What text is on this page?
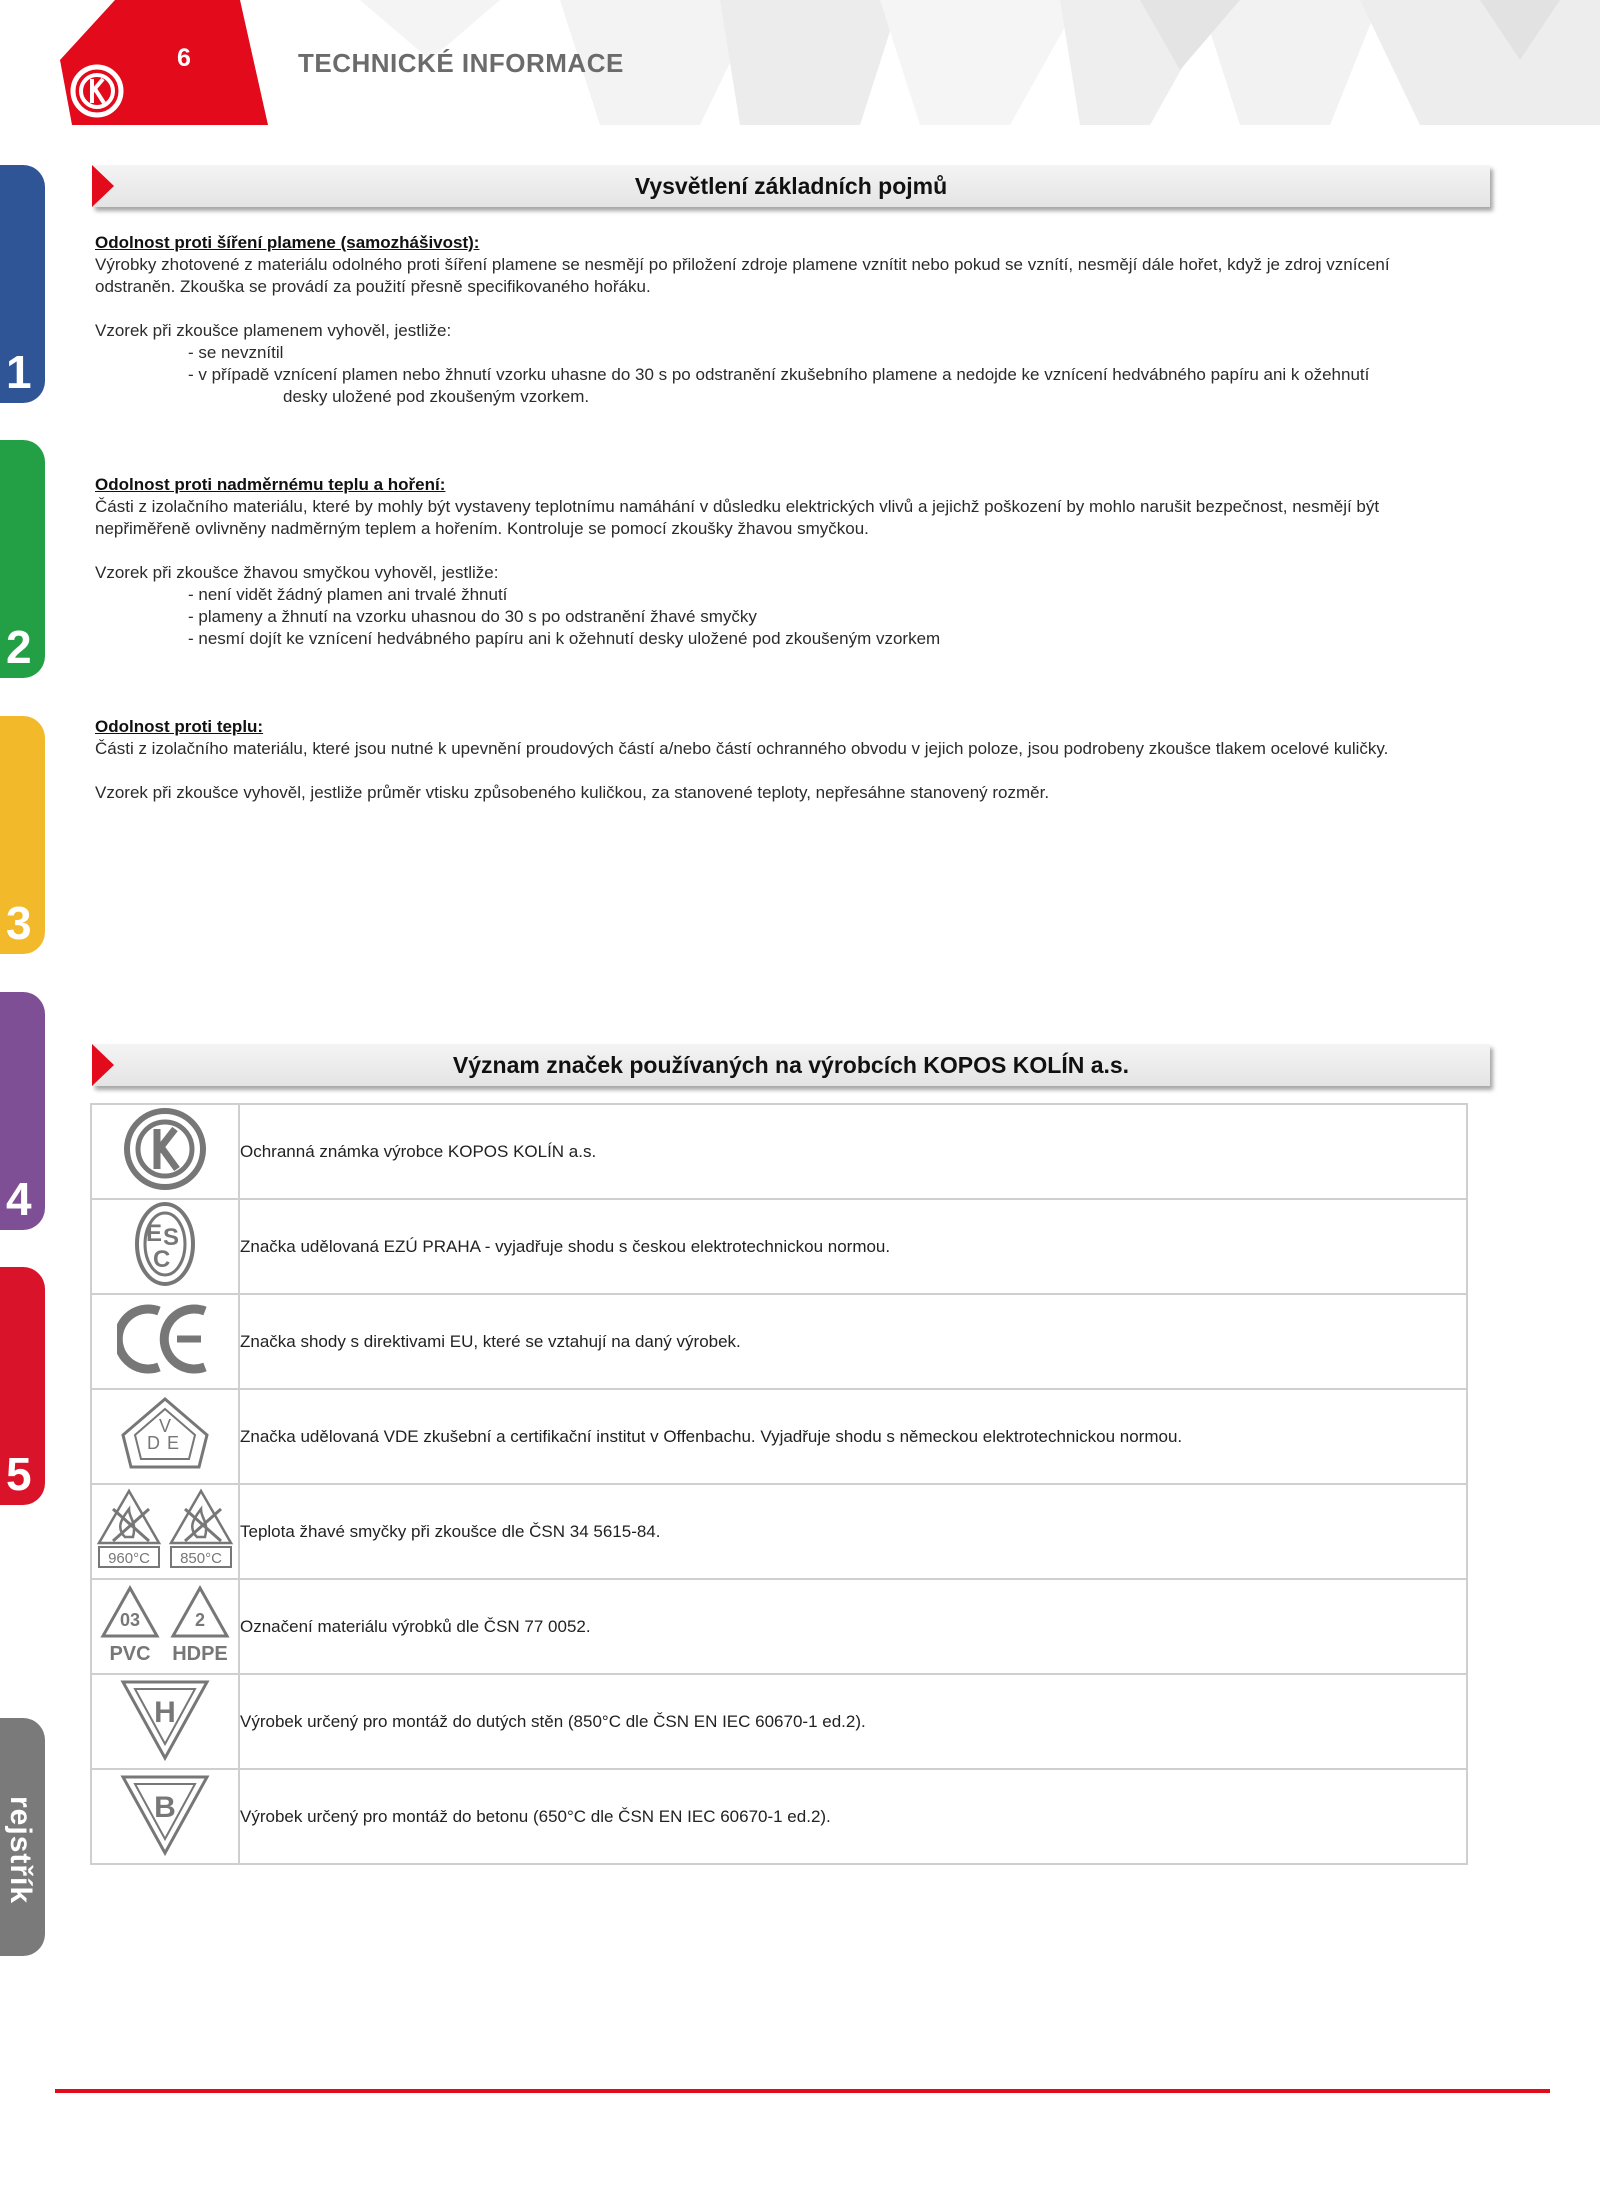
6	TECHNICKÉ INFORMACE
1
2
3
4
5
rejstřík
Vysvětlení základních pojmů

Odolnost proti šíření plamene (samozhášivost):

Výrobky zhotovené z materiálu odolného proti šíření plamene se nesmějí po přiložení zdroje plamene vznítit nebo pokud se vznítí, nesmějí dále hořet, když je zdroj vznícení

odstraněn. Zkouška se provádí za použití přesně specifikovaného hořáku.

Vzorek při zkoušce plamenem vyhověl, jestliže:

- se nevznítil

- v případě vznícení plamen nebo žhnutí vzorku uhasne do 30 s po odstranění zkušebního plamene a nedojde ke vznícení hedvábného papíru ani k ožehnutí

desky uložené pod zkoušeným vzorkem.

Odolnost proti nadměrnému teplu a hoření:

Části z izolačního materiálu, které by mohly být vystaveny teplotnímu namáhání v důsledku elektrických vlivů a jejichž poškození by mohlo narušit bezpečnost, nesmějí být

nepřiměřeně ovlivněny nadměrným teplem a hořením. Kontroluje se pomocí zkoušky žhavou smyčkou.

Vzorek při zkoušce žhavou smyčkou vyhověl, jestliže:

- není vidět žádný plamen ani trvalé žhnutí

- plameny a žhnutí na vzorku uhasnou do 30 s po odstranění žhavé smyčky

- nesmí dojít ke vznícení hedvábného papíru ani k ožehnutí desky uložené pod zkoušeným vzorkem

Odolnost proti teplu:

Části z izolačního materiálu, které jsou nutné k upevnění proudových částí a/nebo částí ochranného obvodu v jejich poloze, jsou podrobeny zkoušce tlakem ocelové kuličky.

Vzorek při zkoušce vyhověl, jestliže průměr vtisku způsobeného kuličkou, za stanovené teploty, nepřesáhne stanovený rozměr.

Význam značek používaných na výrobcích KOPOS KOLÍN a.s.
	Ochranná známka výrobce KOPOS KOLÍN a.s.

E S
C	Značka udělovaná EZÚ PRAHA - vyjadřuje shodu s českou elektrotechnickou normou.
	Značka shody s direktivami EU, které se vztahují na daný výrobek.

V
D E	Značka udělovaná VDE zkušební a certifikační institut v Offenbachu. Vyjadřuje shodu s německou elektrotechnickou normou.

960°C
850°C	Teplota žhavé smyčky při zkoušce dle ČSN 34 5615-84.

03
PVC

2
HDPE	Označení materiálu výrobků dle ČSN 77 0052.

H	Výrobek určený pro montáž do dutých stěn (850°C dle ČSN EN IEC 60670-1 ed.2).

B	Výrobek určený pro montáž do betonu (650°C dle ČSN EN IEC 60670-1 ed.2).
